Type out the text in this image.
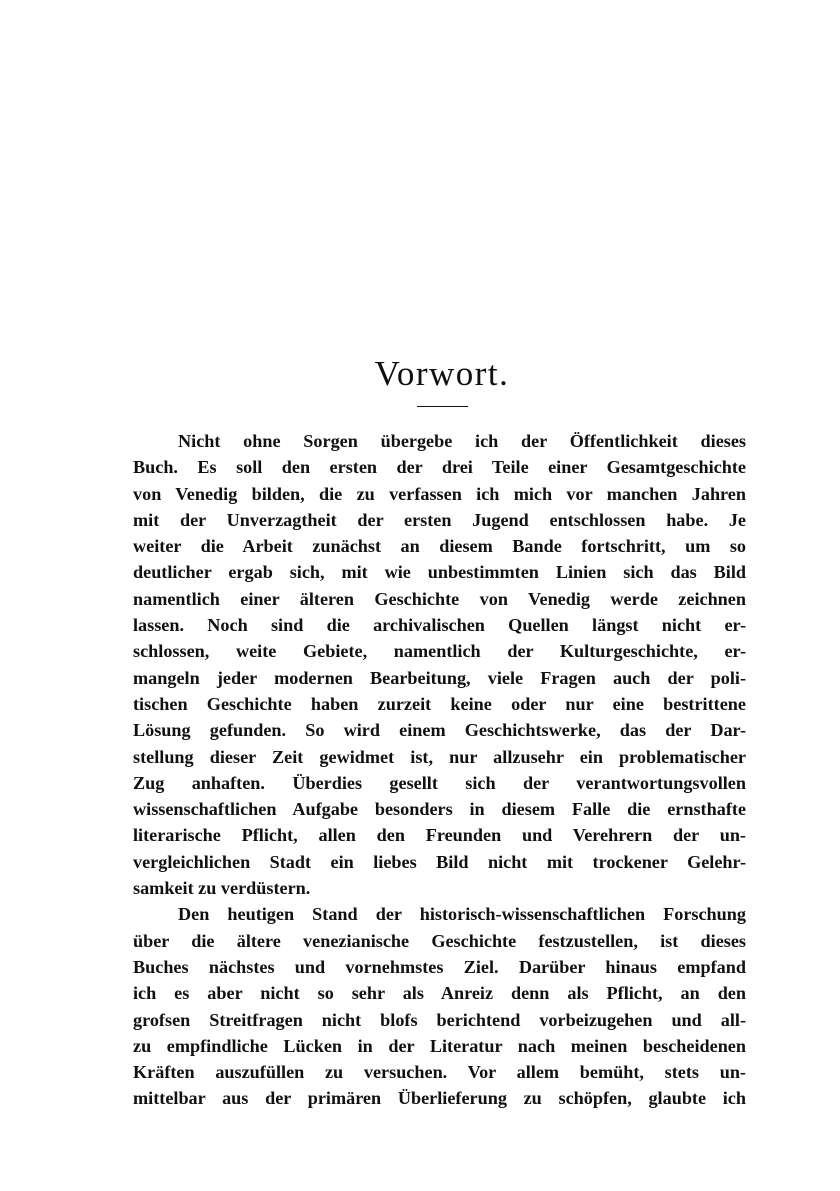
Vorwort.
Nicht ohne Sorgen übergebe ich der Öffentlichkeit dieses
Buch. Es soll den ersten der drei Teile einer Gesamtgeschichte
von Venedig bilden, die zu verfassen ich mich vor manchen Jahren
mit der Unverzagtheit der ersten Jugend entschlossen habe. Je
weiter die Arbeit zunächst an diesem Bande fortschritt, um so
deutlicher ergab sich, mit wie unbestimmten Linien sich das Bild
namentlich einer älteren Geschichte von Venedig werde zeichnen
lassen. Noch sind die archivalischen Quellen längst nicht er-
schlossen, weite Gebiete, namentlich der Kulturgeschichte, er-
mangeln jeder modernen Bearbeitung, viele Fragen auch der poli-
tischen Geschichte haben zurzeit keine oder nur eine bestrittene
Lösung gefunden. So wird einem Geschichtswerke, das der Dar-
stellung dieser Zeit gewidmet ist, nur allzusehr ein problematischer
Zug anhaften. Überdies gesellt sich der verantwortungsvollen
wissenschaftlichen Aufgabe besonders in diesem Falle die ernsthafte
literarische Pflicht, allen den Freunden und Verehrern der un-
vergleichlichen Stadt ein liebes Bild nicht mit trockener Gelehr-
samkeit zu verdüstern.
Den heutigen Stand der historisch-wissenschaftlichen Forschung
über die ältere venezianische Geschichte festzustellen, ist dieses
Buches nächstes und vornehmstes Ziel. Darüber hinaus empfand
ich es aber nicht so sehr als Anreiz denn als Pflicht, an den
grofsen Streitfragen nicht blofs berichtend vorbeizugehen und all-
zu empfindliche Lücken in der Literatur nach meinen bescheidenen
Kräften auszufüllen zu versuchen. Vor allem bemüht, stets un-
mittelbar aus der primären Überlieferung zu schöpfen, glaubte ich
